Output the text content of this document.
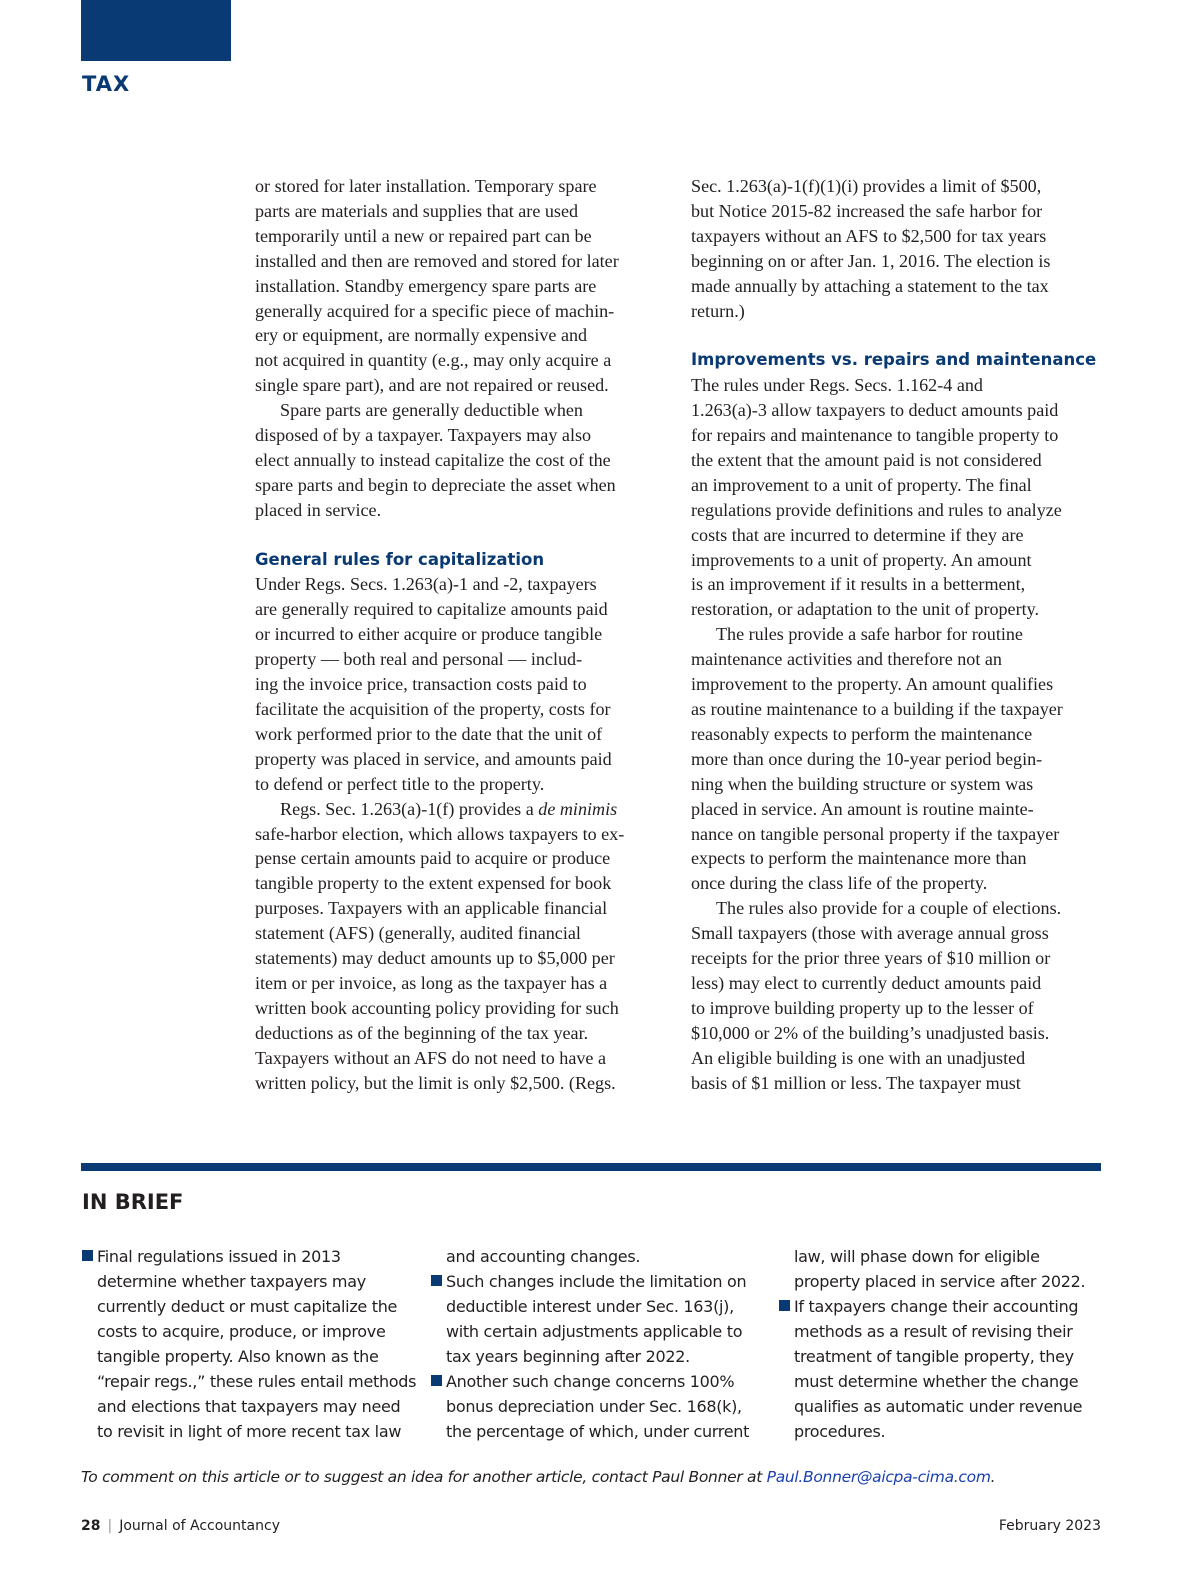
TAX

or stored for later installation. Temporary spare

parts are materials and supplies that are used

temporarily until a new or repaired part can be

installed and then are removed and stored for later

installation. Standby emergency spare parts are

generally acquired for a specific piece of machin-

ery or equipment, are normally expensive and

not acquired in quantity (e.g., may only acquire a

single spare part), and are not repaired or reused.

Spare parts are generally deductible when

disposed of by a taxpayer. Taxpayers may also

elect annually to instead capitalize the cost of the

spare parts and begin to depreciate the asset when

placed in service.

General rules for capitalization

Under Regs. Secs. 1.263(a)-1 and -2, taxpayers

are generally required to capitalize amounts paid

or incurred to either acquire or produce tangible

property — both real and personal — includ-

ing the invoice price, transaction costs paid to

facilitate the acquisition of the property, costs for

work performed prior to the date that the unit of

property was placed in service, and amounts paid

to defend or perfect title to the property.

Regs. Sec. 1.263(a)-1(f) provides a de minimis

safe-harbor election, which allows taxpayers to ex-

pense certain amounts paid to acquire or produce

tangible property to the extent expensed for book

purposes. Taxpayers with an applicable financial

statement (AFS) (generally, audited financial

statements) may deduct amounts up to $5,000 per

item or per invoice, as long as the taxpayer has a

written book accounting policy providing for such

deductions as of the beginning of the tax year.

Taxpayers without an AFS do not need to have a

written policy, but the limit is only $2,500. (Regs.

Sec. 1.263(a)-1(f)(1)(i) provides a limit of $500,

but Notice 2015-82 increased the safe harbor for

taxpayers without an AFS to $2,500 for tax years

beginning on or after Jan. 1, 2016. The election is

made annually by attaching a statement to the tax

return.)

Improvements vs. repairs and maintenance

The rules under Regs. Secs. 1.162-4 and

1.263(a)-3 allow taxpayers to deduct amounts paid

for repairs and maintenance to tangible property to

the extent that the amount paid is not considered

an improvement to a unit of property. The final

regulations provide definitions and rules to analyze

costs that are incurred to determine if they are

improvements to a unit of property. An amount

is an improvement if it results in a betterment,

restoration, or adaptation to the unit of property.

The rules provide a safe harbor for routine

maintenance activities and therefore not an

improvement to the property. An amount qualifies

as routine maintenance to a building if the taxpayer

reasonably expects to perform the maintenance

more than once during the 10-year period begin-

ning when the building structure or system was

placed in service. An amount is routine mainte-

nance on tangible personal property if the taxpayer

expects to perform the maintenance more than

once during the class life of the property.

The rules also provide for a couple of elections.

Small taxpayers (those with average annual gross

receipts for the prior three years of $10 million or

less) may elect to currently deduct amounts paid

to improve building property up to the lesser of

$10,000 or 2% of the building’s unadjusted basis.

An eligible building is one with an unadjusted

basis of $1 million or less. The taxpayer must

IN BRIEF

Final regulations issued in 2013

determine whether taxpayers may

currently deduct or must capitalize the

costs to acquire, produce, or improve

tangible property. Also known as the

“repair regs.,” these rules entail methods

and elections that taxpayers may need

to revisit in light of more recent tax law

and accounting changes.

Such changes include the limitation on

deductible interest under Sec. 163(j),

with certain adjustments applicable to

tax years beginning after 2022.

Another such change concerns 100%

bonus depreciation under Sec. 168(k),

the percentage of which, under current

law, will phase down for eligible

property placed in service after 2022.

If taxpayers change their accounting

methods as a result of revising their

treatment of tangible property, they

must determine whether the change

qualifies as automatic under revenue

procedures.

To comment on this article or to suggest an idea for another article, contact Paul Bonner at Paul.Bonner@aicpa-cima.com.
28 | Journal of Accountancy	February 2023
